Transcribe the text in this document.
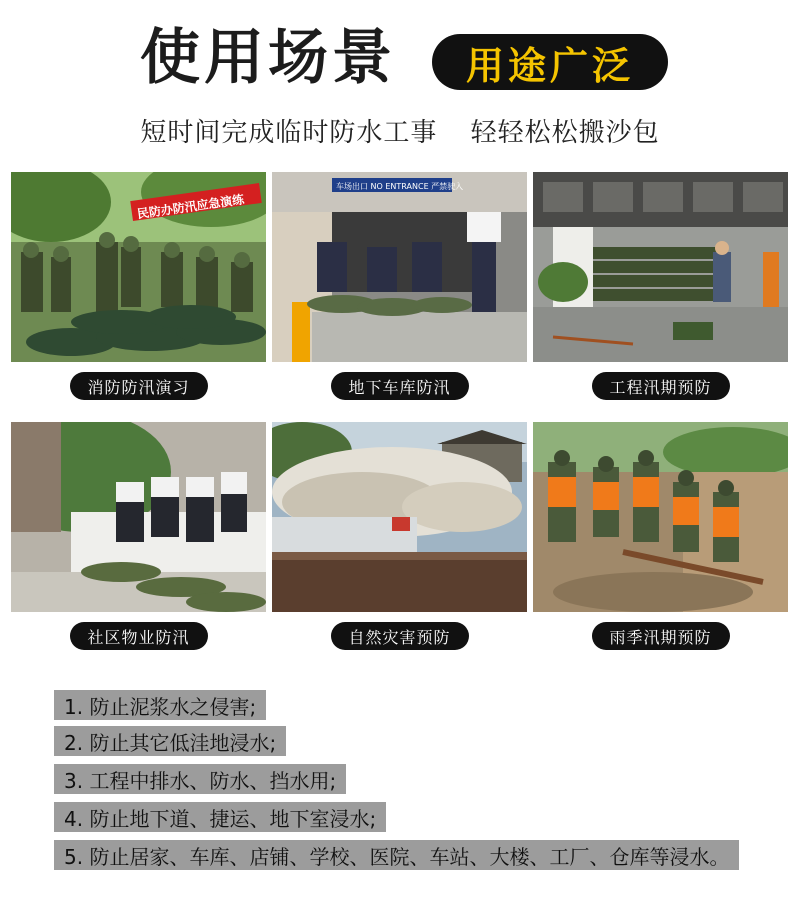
使用场景	用途广泛
短时间完成临时防水工事 轻轻松松搬沙包
民防办防汛应急演练
消防防汛演习
车场出口 NO ENTRANCE 严禁驶入
地下车库防汛	工程汛期预防
社区物业防汛	自然灾害预防	雨季汛期预防
1. 防止泥浆水之侵害;
2. 防止其它低洼地浸水;
3. 工程中排水、防水、挡水用;
4. 防止地下道、捷运、地下室浸水;
5. 防止居家、车库、店铺、学校、医院、车站、大楼、工厂、仓库等浸水。
